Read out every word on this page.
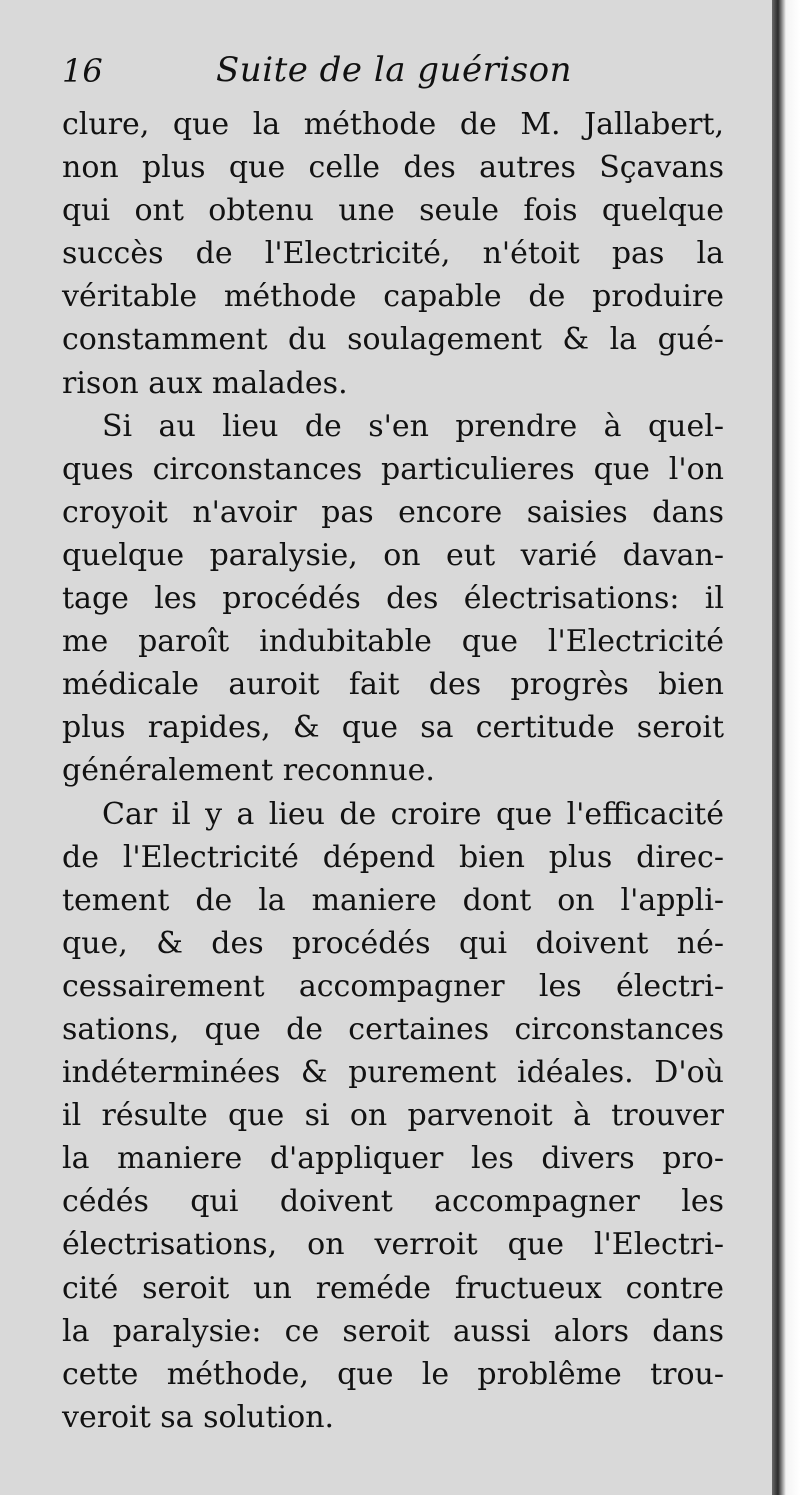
16	Suite de la guérison
clure, que la méthode de M. Jallabert,
non plus que celle des autres Sçavans
qui ont obtenu une seule fois quelque
succès de l'Electricité, n'étoit pas la
véritable méthode capable de produire
constamment du soulagement & la gué-
rison aux malades.
Si au lieu de s'en prendre à quel-
ques circonstances particulieres que l'on
croyoit n'avoir pas encore saisies dans
quelque paralysie, on eut varié davan-
tage les procédés des électrisations: il
me paroît indubitable que l'Electricité
médicale auroit fait des progrès bien
plus rapides, & que sa certitude seroit
généralement reconnue.
Car il y a lieu de croire que l'efficacité
de l'Electricité dépend bien plus direc-
tement de la maniere dont on l'appli-
que, & des procédés qui doivent né-
cessairement accompagner les électri-
sations, que de certaines circonstances
indéterminées & purement idéales. D'où
il résulte que si on parvenoit à trouver
la maniere d'appliquer les divers pro-
cédés qui doivent accompagner les
électrisations, on verroit que l'Electri-
cité seroit un reméde fructueux contre
la paralysie: ce seroit aussi alors dans
cette méthode, que le problême trou-
veroit sa solution.
